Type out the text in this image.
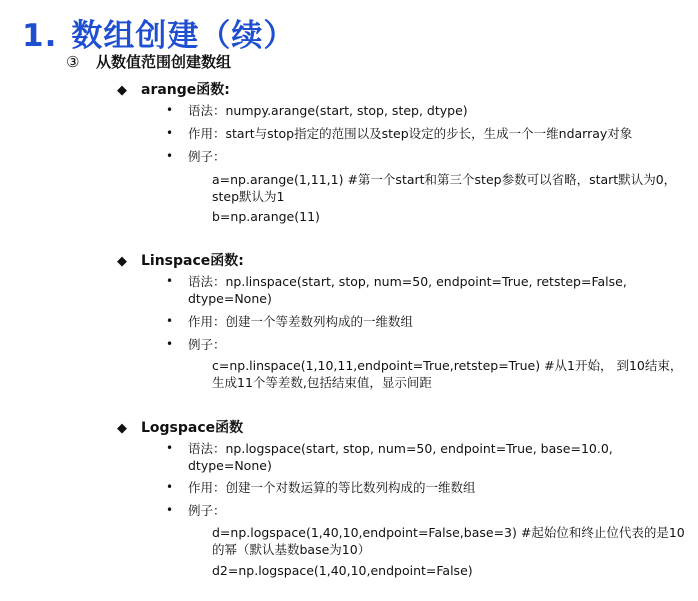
1. 数组创建（续）
③ 从数值范围创建数组
◆ arange函数:
•	语法：numpy.arange(start, stop, step, dtype)
•	作用：start与stop指定的范围以及step设定的步长，生成一个一维ndarray对象
•	例子：
a=np.arange(1,11,1) #第一个start和第三个step参数可以省略，start默认为0，step默认为1
b=np.arange(11)
◆ Linspace函数:
•	语法：np.linspace(start, stop, num=50, endpoint=True, retstep=False, dtype=None)
•	作用：创建一个等差数列构成的一维数组
•	例子：
c=np.linspace(1,10,11,endpoint=True,retstep=True) #从1开始， 到10结束，生成11个等差数,包括结束值，显示间距
◆ Logspace函数
•	语法：np.logspace(start, stop, num=50, endpoint=True, base=10.0, dtype=None)
•	作用：创建一个对数运算的等比数列构成的一维数组
•	例子：
d=np.logspace(1,40,10,endpoint=False,base=3) #起始位和终止位代表的是10的幂（默认基数base为10）
d2=np.logspace(1,40,10,endpoint=False)
